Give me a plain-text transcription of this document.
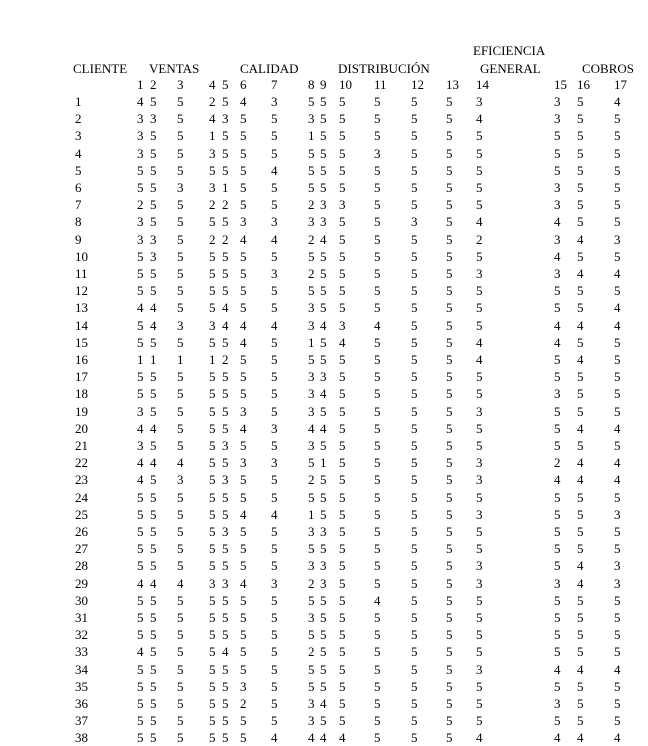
EFICIENCIA
CLIENTE VENTAS	CALIDAD	DISTRIBUCIÓN	GENERAL	COBROS
1 2 3 4 5 6 7 8 9 10 11 12 13 14	15 16 17
1	4 5 5 2 5 4 3 5 5 5 5 5 5 3	3 5 4
2	3 3 5 4 3 5 5 3 5 5 5 5 5 4	3 5 5
3	3 5 5 1 5 5 5 1 5 5 5 5 5 5	5 5 5
4	3 5 5 3 5 5 5 5 5 5 3 5 5 5	5 5 5
5	5 5 5 5 5 5 4 5 5 5 5 5 5 5	5 5 5
6	5 5 3 3 1 5 5 5 5 5 5 5 5 5	3 5 5
7	2 5 5 2 2 5 5 2 3 3 5 5 5 5	3 5 5
8	3 5 5 5 5 3 3 3 3 5 5 3 5 4	4 5 5
9	3 3 5 2 2 4 4 2 4 5 5 5 5 2	3 4 3
10	5 3 5 5 5 5 5 5 5 5 5 5 5 5	4 5 5
11	5 5 5 5 5 5 3 2 5 5 5 5 5 3	3 4 4
12	5 5 5 5 5 5 5 5 5 5 5 5 5 5	5 5 5
13	4 4 5 5 4 5 5 3 5 5 5 5 5 5	5 5 4
14	5 4 3 3 4 4 4 3 4 3 4 5 5 5	4 4 4
15	5 5 5 5 5 4 5 1 5 4 5 5 5 4	4 5 5
16	1 1 1 1 2 5 5 5 5 5 5 5 5 4	5 4 5
17	5 5 5 5 5 5 5 3 3 5 5 5 5 5	5 5 5
18	5 5 5 5 5 5 5 3 4 5 5 5 5 5	3 5 5
19	3 5 5 5 5 3 5 3 5 5 5 5 5 3	5 5 5
20	4 4 5 5 5 4 3 4 4 5 5 5 5 5	5 4 4
21	3 5 5 5 3 5 5 3 5 5 5 5 5 5	5 5 5
22	4 4 4 5 5 3 3 5 1 5 5 5 5 3	2 4 4
23	4 5 3 5 3 5 5 2 5 5 5 5 5 3	4 4 4
24	5 5 5 5 5 5 5 5 5 5 5 5 5 5	5 5 5
25	5 5 5 5 5 4 4 1 5 5 5 5 5 3	5 5 3
26	5 5 5 5 3 5 5 3 3 5 5 5 5 5	5 5 5
27	5 5 5 5 5 5 5 5 5 5 5 5 5 5	5 5 5
28	5 5 5 5 5 5 5 3 3 5 5 5 5 3	5 4 3
29	4 4 4 3 3 4 3 2 3 5 5 5 5 3	3 4 3
30	5 5 5 5 5 5 5 5 5 5 4 5 5 5	5 5 5
31	5 5 5 5 5 5 5 3 5 5 5 5 5 5	5 5 5
32	5 5 5 5 5 5 5 5 5 5 5 5 5 5	5 5 5
33	4 5 5 5 4 5 5 2 5 5 5 5 5 5	5 5 5
34	5 5 5 5 5 5 5 5 5 5 5 5 5 3	4 4 4
35	5 5 5 5 5 3 5 5 5 5 5 5 5 5	5 5 5
36	5 5 5 5 5 2 5 3 4 5 5 5 5 5	3 5 5
37	5 5 5 5 5 5 5 3 5 5 5 5 5 5	5 5 5
38	5 5 5 5 5 5 4 4 4 4 5 5 5 4	4 4 4
